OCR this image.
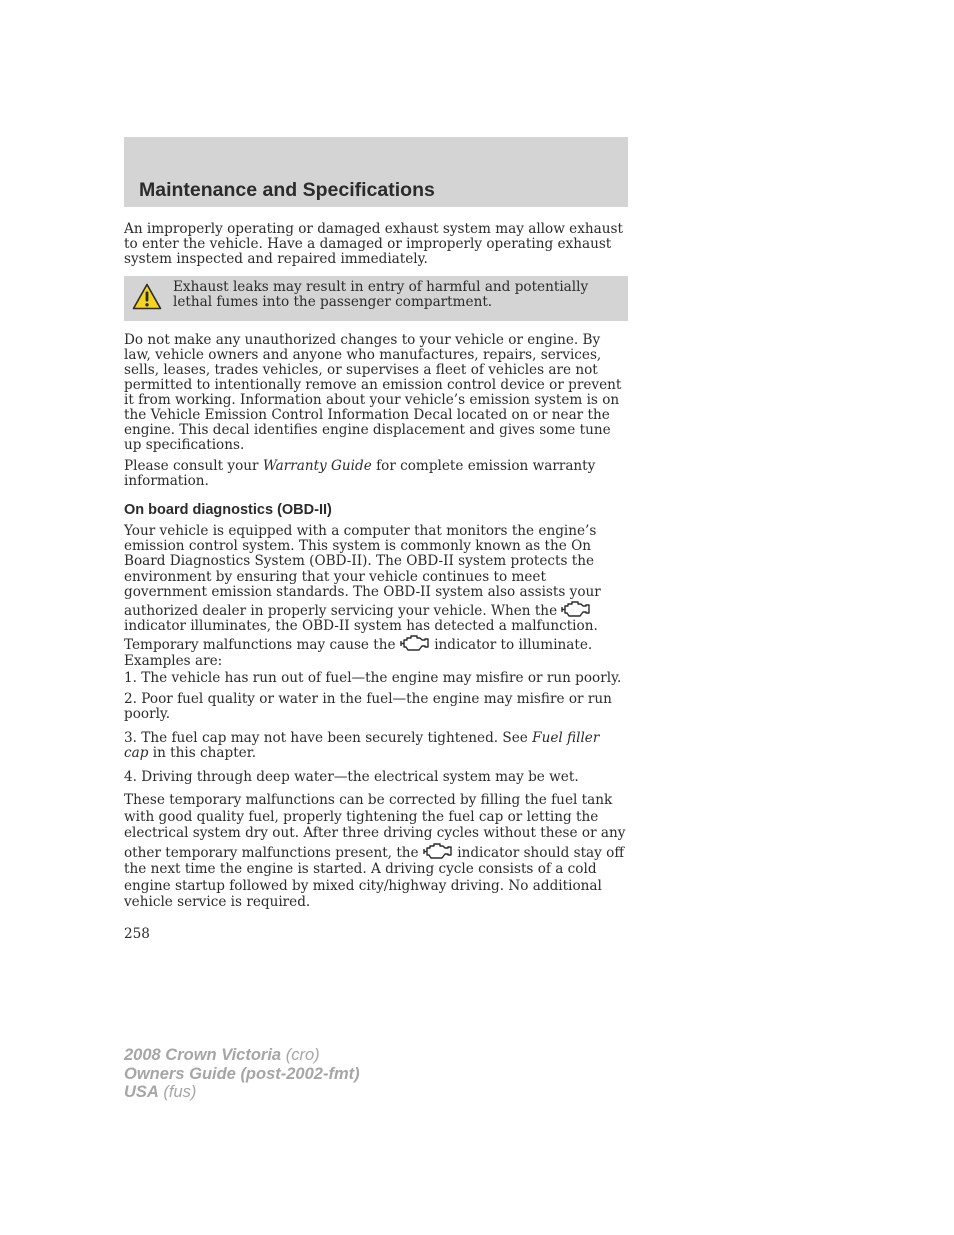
Maintenance and Specifications

An improperly operating or damaged exhaust system may allow exhaust to enter the vehicle. Have a damaged or improperly operating exhaust system inspected and repaired immediately.

Exhaust leaks may result in entry of harmful and potentially lethal fumes into the passenger compartment.

Do not make any unauthorized changes to your vehicle or engine. By law, vehicle owners and anyone who manufactures, repairs, services, sells, leases, trades vehicles, or supervises a fleet of vehicles are not permitted to intentionally remove an emission control device or prevent it from working. Information about your vehicle’s emission system is on the Vehicle Emission Control Information Decal located on or near the engine. This decal identifies engine displacement and gives some tune up specifications.

Please consult your Warranty Guide for complete emission warranty information.

On board diagnostics (OBD-II)

Your vehicle is equipped with a computer that monitors the engine’s emission control system. This system is commonly known as the On Board Diagnostics System (OBD-II). The OBD-II system protects the environment by ensuring that your vehicle continues to meet government emission standards. The OBD-II system also assists your authorized dealer in properly servicing your vehicle. When the  indicator illuminates, the OBD-II system has detected a malfunction. Temporary malfunctions may cause the  indicator to illuminate. Examples are:

1. The vehicle has run out of fuel—the engine may misfire or run poorly.

2. Poor fuel quality or water in the fuel—the engine may misfire or run poorly.

3. The fuel cap may not have been securely tightened. See Fuel filler cap in this chapter.

4. Driving through deep water—the electrical system may be wet.

These temporary malfunctions can be corrected by filling the fuel tank with good quality fuel, properly tightening the fuel cap or letting the electrical system dry out. After three driving cycles without these or any other temporary malfunctions present, the  indicator should stay off the next time the engine is started. A driving cycle consists of a cold engine startup followed by mixed city/highway driving. No additional vehicle service is required.

258
2008 Crown Victoria (cro)
Owners Guide (post-2002-fmt)
USA (fus)
